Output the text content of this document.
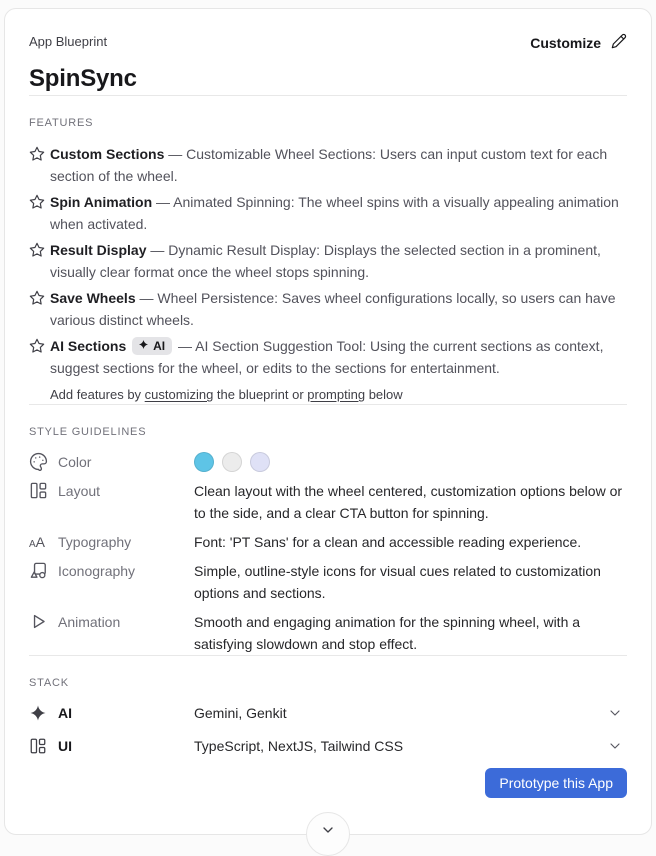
App Blueprint	Customize
SpinSync
FEATURES
Custom Sections — Customizable Wheel Sections: Users can input custom text for each section of the wheel.
Spin Animation — Animated Spinning: The wheel spins with a visually appealing animation when activated.
Result Display — Dynamic Result Display: Displays the selected section in a prominent, visually clear format once the wheel stops spinning.
Save Wheels — Wheel Persistence: Saves wheel configurations locally, so users can have various distinct wheels.
AI Sections AI — AI Section Suggestion Tool: Using the current sections as context, suggest sections for the wheel, or edits to the sections for entertainment.
Add features by customizing the blueprint or prompting below
STYLE GUIDELINES
Color
Layout	Clean layout with the wheel centered, customization options below or to the side, and a clear CTA button for spinning.
AA Typography	Font: 'PT Sans' for a clean and accessible reading experience.
Iconography	Simple, outline-style icons for visual cues related to customization options and sections.
Animation	Smooth and engaging animation for the spinning wheel, with a satisfying slowdown and stop effect.
STACK
AI	Gemini, Genkit
UI	TypeScript, NextJS, Tailwind CSS
Prototype this App
